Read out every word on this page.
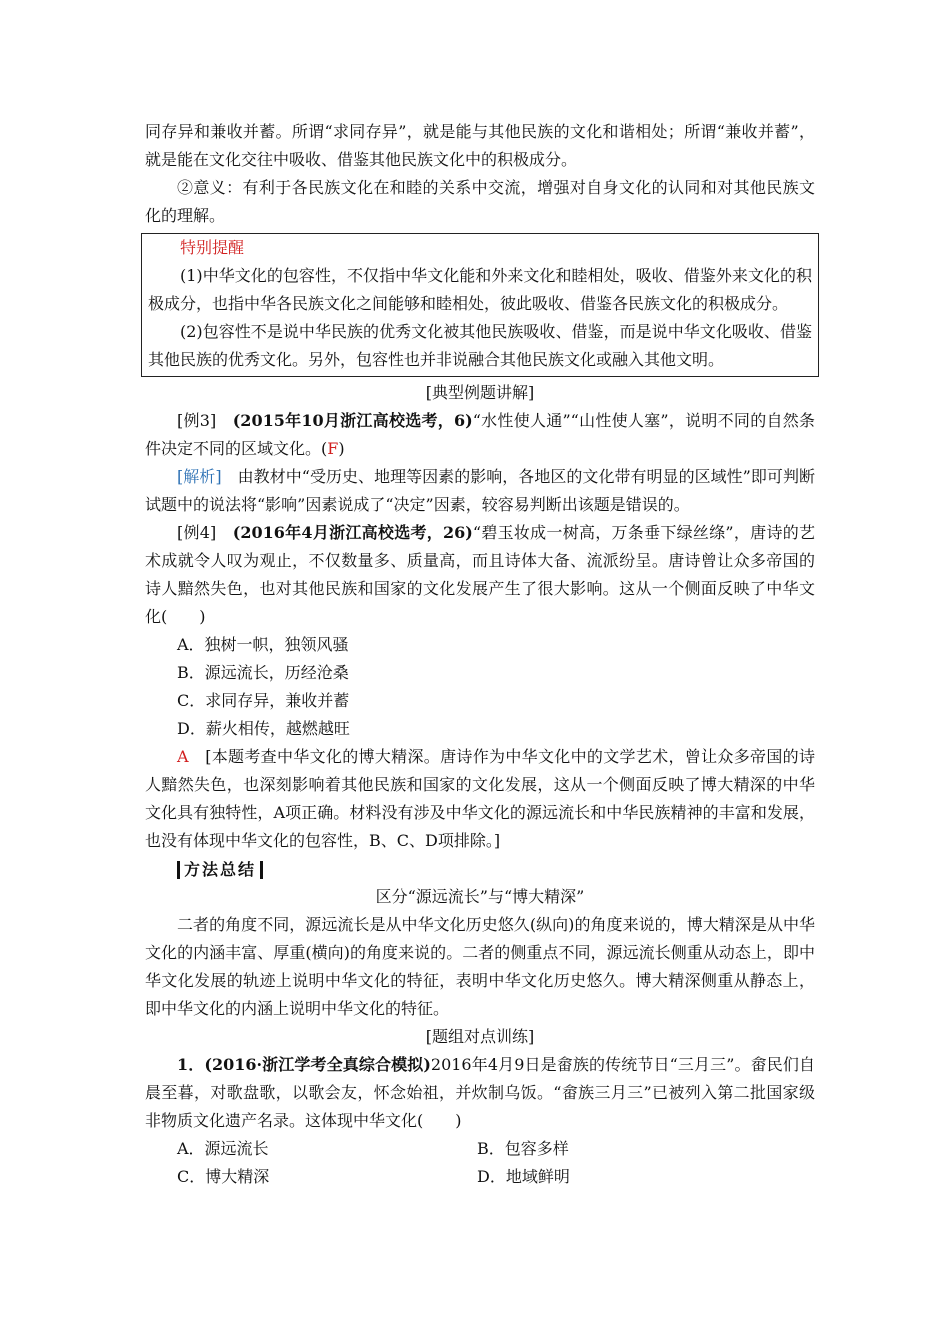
同存异和兼收并蓄。所谓“求同存异”，就是能与其他民族的文化和谐相处；所谓“兼收并蓄”，就是能在文化交往中吸收、借鉴其他民族文化中的积极成分。

②意义：有利于各民族文化在和睦的关系中交流，增强对自身文化的认同和对其他民族文化的理解。

特别提醒

(1)中华文化的包容性，不仅指中华文化能和外来文化和睦相处，吸收、借鉴外来文化的积极成分，也指中华各民族文化之间能够和睦相处，彼此吸收、借鉴各民族文化的积极成分。

(2)包容性不是说中华民族的优秀文化被其他民族吸收、借鉴，而是说中华文化吸收、借鉴其他民族的优秀文化。另外，包容性也并非说融合其他民族文化或融入其他文明。

[典型例题讲解]

[例3]　 (2015年10月浙江高校选考，6)“水性使人通”“山性使人塞”，说明不同的自然条件决定不同的区域文化。(F)

[解析]　 由教材中“受历史、地理等因素的影响，各地区的文化带有明显的区域性”即可判断试题中的说法将“影响”因素说成了“决定”因素，较容易判断出该题是错误的。

[例4]　 (2016年4月浙江高校选考，26)“碧玉妆成一树高，万条垂下绿丝绦”，唐诗的艺术成就令人叹为观止，不仅数量多、质量高，而且诗体大备、流派纷呈。唐诗曾让众多帝国的诗人黯然失色，也对其他民族和国家的文化发展产生了很大影响。这从一个侧面反映了中华文化(　　)

A．独树一帜，独领风骚

B．源远流长，历经沧桑

C．求同存异，兼收并蓄

D．薪火相传，越燃越旺

A　 [本题考查中华文化的博大精深。唐诗作为中华文化中的文学艺术，曾让众多帝国的诗人黯然失色，也深刻影响着其他民族和国家的文化发展，这从一个侧面反映了博大精深的中华文化具有独特性，A项正确。材料没有涉及中华文化的源远流长和中华民族精神的丰富和发展，也没有体现中华文化的包容性，B、C、D项排除。]

方法总结

区分“源远流长”与“博大精深”

二者的角度不同，源远流长是从中华文化历史悠久(纵向)的角度来说的，博大精深是从中华文化的内涵丰富、厚重(横向)的角度来说的。二者的侧重点不同，源远流长侧重从动态上，即中华文化发展的轨迹上说明中华文化的特征，表明中华文化历史悠久。博大精深侧重从静态上，即中华文化的内涵上说明中华文化的特征。

[题组对点训练]

1．(2016·浙江学考全真综合模拟)2016年4月9日是畲族的传统节日“三月三”。畲民们自晨至暮，对歌盘歌，以歌会友，怀念始祖，并炊制乌饭。“畲族三月三”已被列入第二批国家级非物质文化遗产名录。这体现中华文化(　　)

A．源远流长	B．包容多样

C．博大精深	D．地域鲜明
